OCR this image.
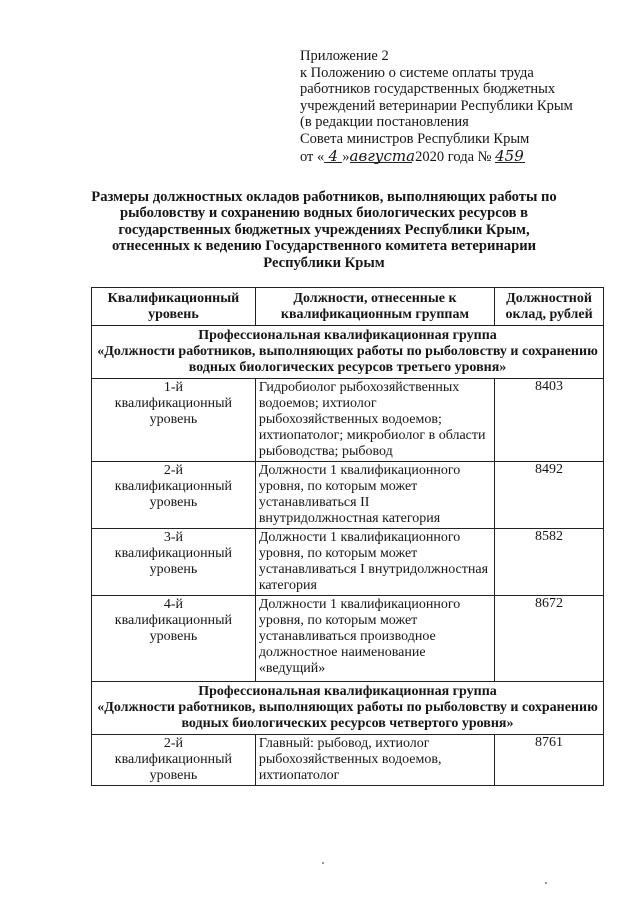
Приложение 2
к Положению о системе оплаты труда
работников государственных бюджетных
учреждений ветеринарии Республики Крым
(в редакции постановления
Совета министров Республики Крым
от « 4 »августа 2020 года № 459
Размеры должностных окладов работников, выполняющих работы по рыболовству и сохранению водных биологических ресурсов в государственных бюджетных учреждениях Республики Крым, отнесенных к ведению Государственного комитета ветеринарии Республики Крым
Квалификационный уровень	Должности, отнесенные к квалификационным группам	Должностной оклад, рублей

Профессиональная квалификационная группа
«Должности работников, выполняющих работы по рыболовству и сохранению водных биологических ресурсов третьего уровня»		

1-й
квалификационный
уровень	Гидробиолог рыбохозяйственных водоемов; ихтиолог рыбохозяйственных водоемов; ихтиопатолог; микробиолог в области рыбоводства; рыбовод	8403

2-й
квалификационный
уровень	Должности 1 квалификационного уровня, по которым может устанавливаться II внутридолжностная категория	8492

3-й
квалификационный
уровень	Должности 1 квалификационного уровня, по которым может устанавливаться I внутридолжностная категория	8582

4-й
квалификационный
уровень	Должности 1 квалификационного уровня, по которым может устанавливаться производное должностное наименование «ведущий»	8672

Профессиональная квалификационная группа
«Должности работников, выполняющих работы по рыболовству и сохранению водных биологических ресурсов четвертого уровня»		

2-й
квалификационный
уровень	Главный: рыбовод, ихтиолог рыбохозяйственных водоемов, ихтиопатолог	8761
